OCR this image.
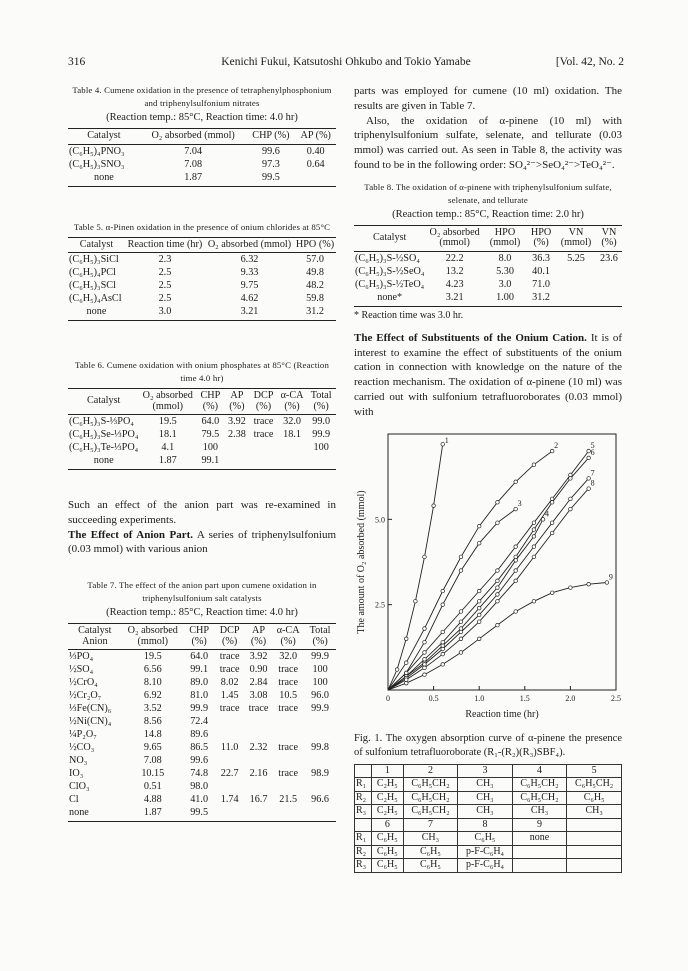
316	Kenichi Fukui, Katsutoshi Ohkubo and Tokio Yamabe	[Vol. 42, No. 2
Table 4. Cumene oxidation in the presence of tetraphenylphosphonium and triphenylsulfonium nitrates
(Reaction temp.: 85°C, Reaction time: 4.0 hr)
Catalyst	O₂ absorbed (mmol)	CHP (%)	AP (%)
(C₆H₅)₄PNO₃	7.04	99.6	0.40
(C₆H₅)₃SNO₃	7.08	97.3	0.64
none	1.87	99.5	
Table 5. α-Pinen oxidation in the presence of onium chlorides at 85°C
Catalyst	Reaction time (hr)	O₂ absorbed (mmol)	HPO (%)
(C₆H₅)₃SiCl	2.3	6.32	57.0
(C₆H₅)₄PCl	2.5	9.33	49.8
(C₆H₅)₃SCl	2.5	9.75	48.2
(C₆H₅)₄AsCl	2.5	4.62	59.8
none	3.0	3.21	31.2
Table 6. Cumene oxidation with onium phosphates at 85°C (Reaction time 4.0 hr)
Catalyst	O₂ absorbed (mmol)	CHP (%)	AP (%)	DCP (%)	α-CA (%)	Total (%)
(C₆H₅)₃S-⅓PO₄	19.5	64.0	3.92	trace	32.0	99.0
(C₆H₅)₃Se-⅓PO₄	18.1	79.5	2.38	trace	18.1	99.9
(C₆H₅)₃Te-⅓PO₄	4.1	100				100
none	1.87	99.1				

Such an effect of the anion part was re-examined in succeeding experiments.

The Effect of Anion Part. A series of triphenylsulfonium (0.03 mmol) with various anion

Table 7. The effect of the anion part upon cumene oxidation in triphenylsulfonium salt catalysts
(Reaction temp.: 85°C, Reaction time: 4.0 hr)
Catalyst Anion	O₂ absorbed (mmol)	CHP (%)	DCP (%)	AP (%)	α-CA (%)	Total (%)
⅓PO₄	19.5	64.0	trace	3.92	32.0	99.9
½SO₄	6.56	99.1	trace	0.90	trace	100
½CrO₄	8.10	89.0	8.02	2.84	trace	100
½Cr₂O₇	6.92	81.0	1.45	3.08	10.5	96.0
⅓Fe(CN)₆	3.52	99.9	trace	trace	trace	99.9
½Ni(CN)₄	8.56	72.4				
¼P₂O₇	14.8	89.6				
½CO₃	9.65	86.5	11.0	2.32	trace	99.8
NO₃	7.08	99.6				
IO₃	10.15	74.8	22.7	2.16	trace	98.9
ClO₃	0.51	98.0				
Cl	4.88	41.0	1.74	16.7	21.5	96.6
none	1.87	99.5				

parts was employed for cumene (10 ml) oxidation. The results are given in Table 7.

Also, the oxidation of α-pinene (10 ml) with triphenylsulfonium sulfate, selenate, and tellurate (0.03 mmol) was carried out. As seen in Table 8, the activity was found to be in the following order: SO₄²⁻>SeO₄²⁻>TeO₄²⁻.

Table 8. The oxidation of α-pinene with triphenylsulfonium sulfate, selenate, and tellurate
(Reaction temp.: 85°C, Reaction time: 2.0 hr)
Catalyst	O₂ absorbed (mmol)	HPO (mmol)	HPO (%)	VN (mmol)	VN (%)
(C₆H₅)₃S-½SO₄	22.2	8.0	36.3	5.25	23.6
(C₆H₅)₃S-½SeO₄	13.2	5.30	40.1		
(C₆H₅)₃S-½TeO₄	4.23	3.0	71.0		
none*	3.21	1.00	31.2		
* Reaction time was 3.0 hr.

The Effect of Substituents of the Onium Cation. It is of interest to examine the effect of substituents of the onium cation in connection with knowledge on the nature of the reaction mechanism. The oxidation of α-pinene (10 ml) was carried out with sulfonium tetrafluoroborates (0.03 mmol) with

0	0.5	1.0	1.5	2.0	2.5
2.5
5.0
Reaction time (hr)
The amount of O₂ absorbed (mmol)
1
2
3
4
5
6
7
8
9
Fig. 1. The oxygen absorption curve of α-pinene the presence of sulfonium tetrafluoroborate (R₁-(R₂)(R₃)SBF₄).
	1	2	3	4	5
R₁	C₂H₅	C₆H₅CH₂	CH₃	C₆H₅CH₂	C₆H₅CH₂
R₂	C₂H₅	C₆H₅CH₂	CH₃	C₆H₅CH₂	C₆H₅
R₃	C₂H₅	C₆H₅CH₂	CH₃	CH₃	CH₃
	6	7	8	9	
R₁	C₆H₅	CH₃	C₆H₅	none	
R₂	C₆H₅	C₆H₅	p-F-C₆H₄		
R₃	C₆H₅	C₆H₅	p-F-C₆H₄		
